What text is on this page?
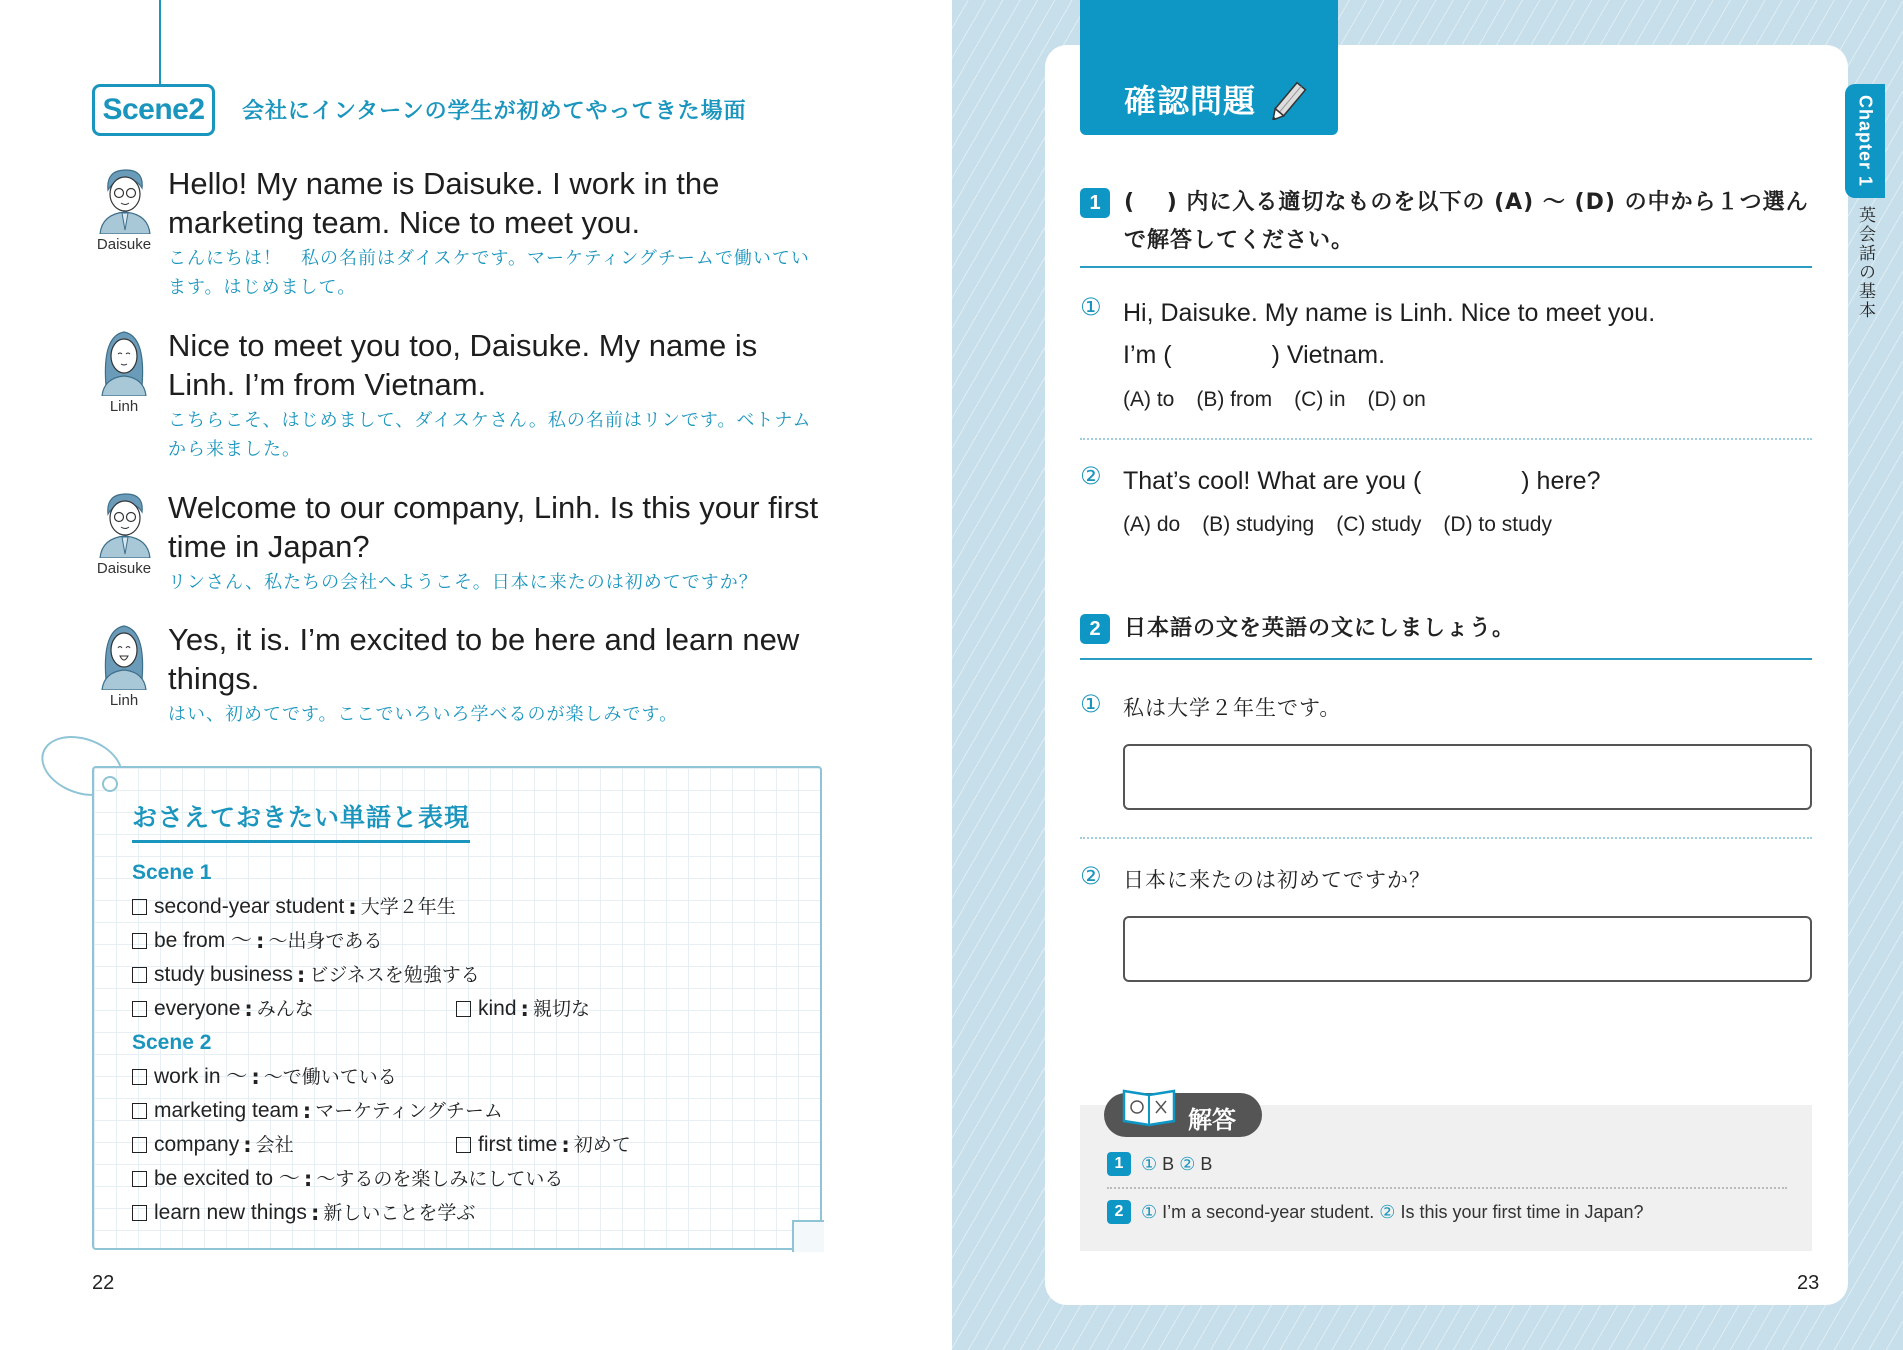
Scene2	会社にインターンの学生が初めてやってきた場面
Daisuke
Hello! My name is Daisuke. I work in the marketing team. Nice to meet you.
こんにちは！　私の名前はダイスケです。マーケティングチームで働いています。はじめまして。
Linh
Nice to meet you too, Daisuke. My name is Linh. I’m from Vietnam.
こちらこそ、はじめまして、ダイスケさん。私の名前はリンです。ベトナムから来ました。
Daisuke
Welcome to our company, Linh. Is this your first time in Japan?
リンさん、私たちの会社へようこそ。日本に来たのは初めてですか？
Linh
Yes, it is. I’m excited to be here and learn new things.
はい、初めてです。ここでいろいろ学べるのが楽しみです。
おさえておきたい単語と表現
Scene 1
second-year student : 大学２年生
be from ～ : ～出身である
study business : ビジネスを勉強する
everyone : みんな	kind : 親切な
Scene 2
work in ～ : ～で働いている
marketing team : マーケティングチーム
company : 会社	first time : 初めて
be excited to ～ : ～するのを楽しみにしている
learn new things : 新しいことを学ぶ
22
確認問題	Chapter 1
英会話の基本
1	(　 ) 内に入る適切なものを以下の (A) ～ (D) の中から１つ選んで解答してください。
① Hi, Daisuke. My name is Linh. Nice to meet you.
I’m (　　　　) Vietnam.
(A) to (B) from (C) in (D) on
② That’s cool! What are you (　　　　) here?
(A) do (B) studying (C) study (D) to study
2	日本語の文を英語の文にしましょう。
① 私は大学２年生です。
② 日本に来たのは初めてですか？
解答
1 ① B ② B
2 ① I’m a second-year student. ② Is this your first time in Japan?
23
